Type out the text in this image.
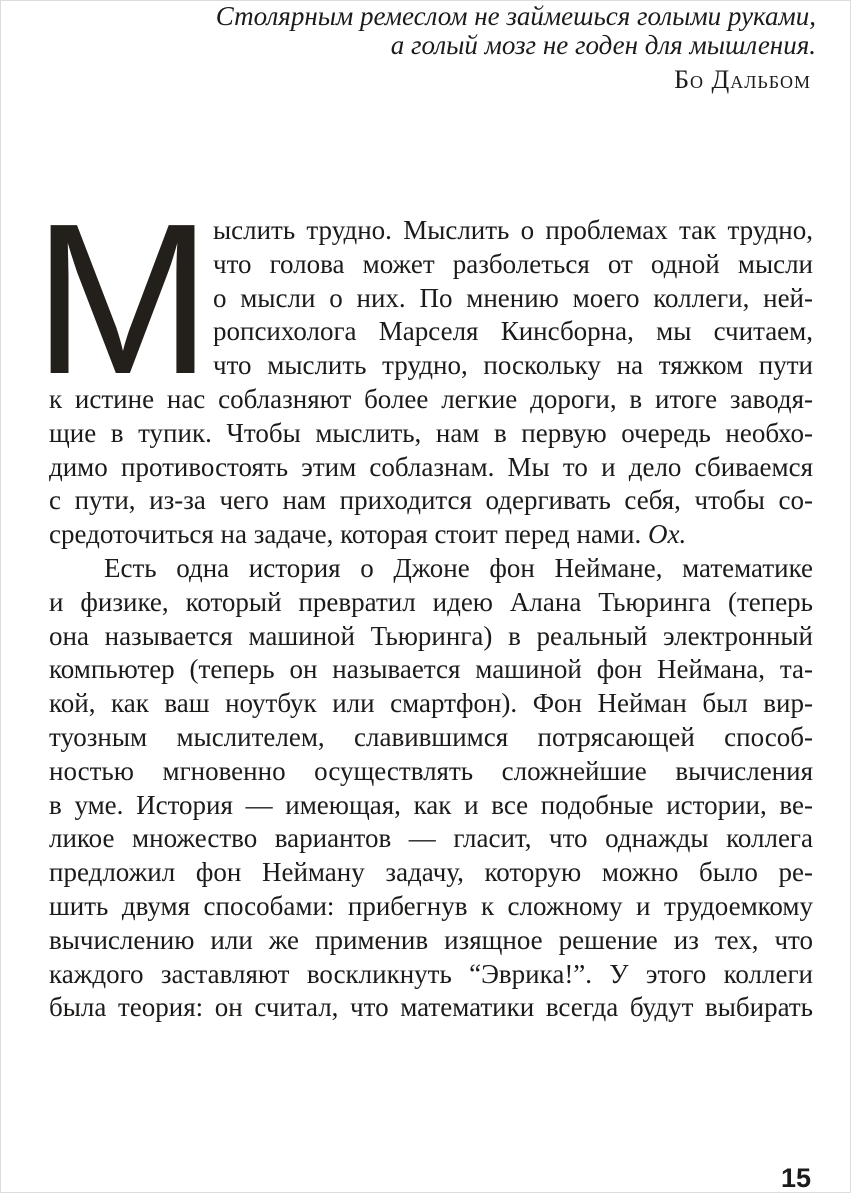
Столярным ремеслом не займешься голыми руками,
а голый мозг не годен для мышления.
Бо Дальбом
М ыслить трудно. Мыслить о проблемах так трудно,
что голова может разболеться от одной мысли
о мысли о них. По мнению моего коллеги, ней-
ропсихолога Марселя Кинсборна, мы считаем,
что мыслить трудно, поскольку на тяжком пути
к истине нас соблазняют более легкие дороги, в итоге заводя-
щие в тупик. Чтобы мыслить, нам в первую очередь необхо-
димо противостоять этим соблазнам. Мы то и дело сбиваемся
с пути, из-за чего нам приходится одергивать себя, чтобы со-
средоточиться на задаче, которая стоит перед нами. Ох.
Есть одна история о Джоне фон Неймане, математике
и физике, который превратил идею Алана Тьюринга (теперь
она называется машиной Тьюринга) в реальный электронный
компьютер (теперь он называется машиной фон Неймана, та-
кой, как ваш ноутбук или смартфон). Фон Нейман был вир-
туозным мыслителем, славившимся потрясающей способ-
ностью мгновенно осуществлять сложнейшие вычисления
в уме. История — имеющая, как и все подобные истории, ве-
ликое множество вариантов — гласит, что однажды коллега
предложил фон Нейману задачу, которую можно было ре-
шить двумя способами: прибегнув к сложному и трудоемкому
вычислению или же применив изящное решение из тех, что
каждого заставляют воскликнуть “Эврика!”. У этого коллеги
была теория: он считал, что математики всегда будут выбирать
15
